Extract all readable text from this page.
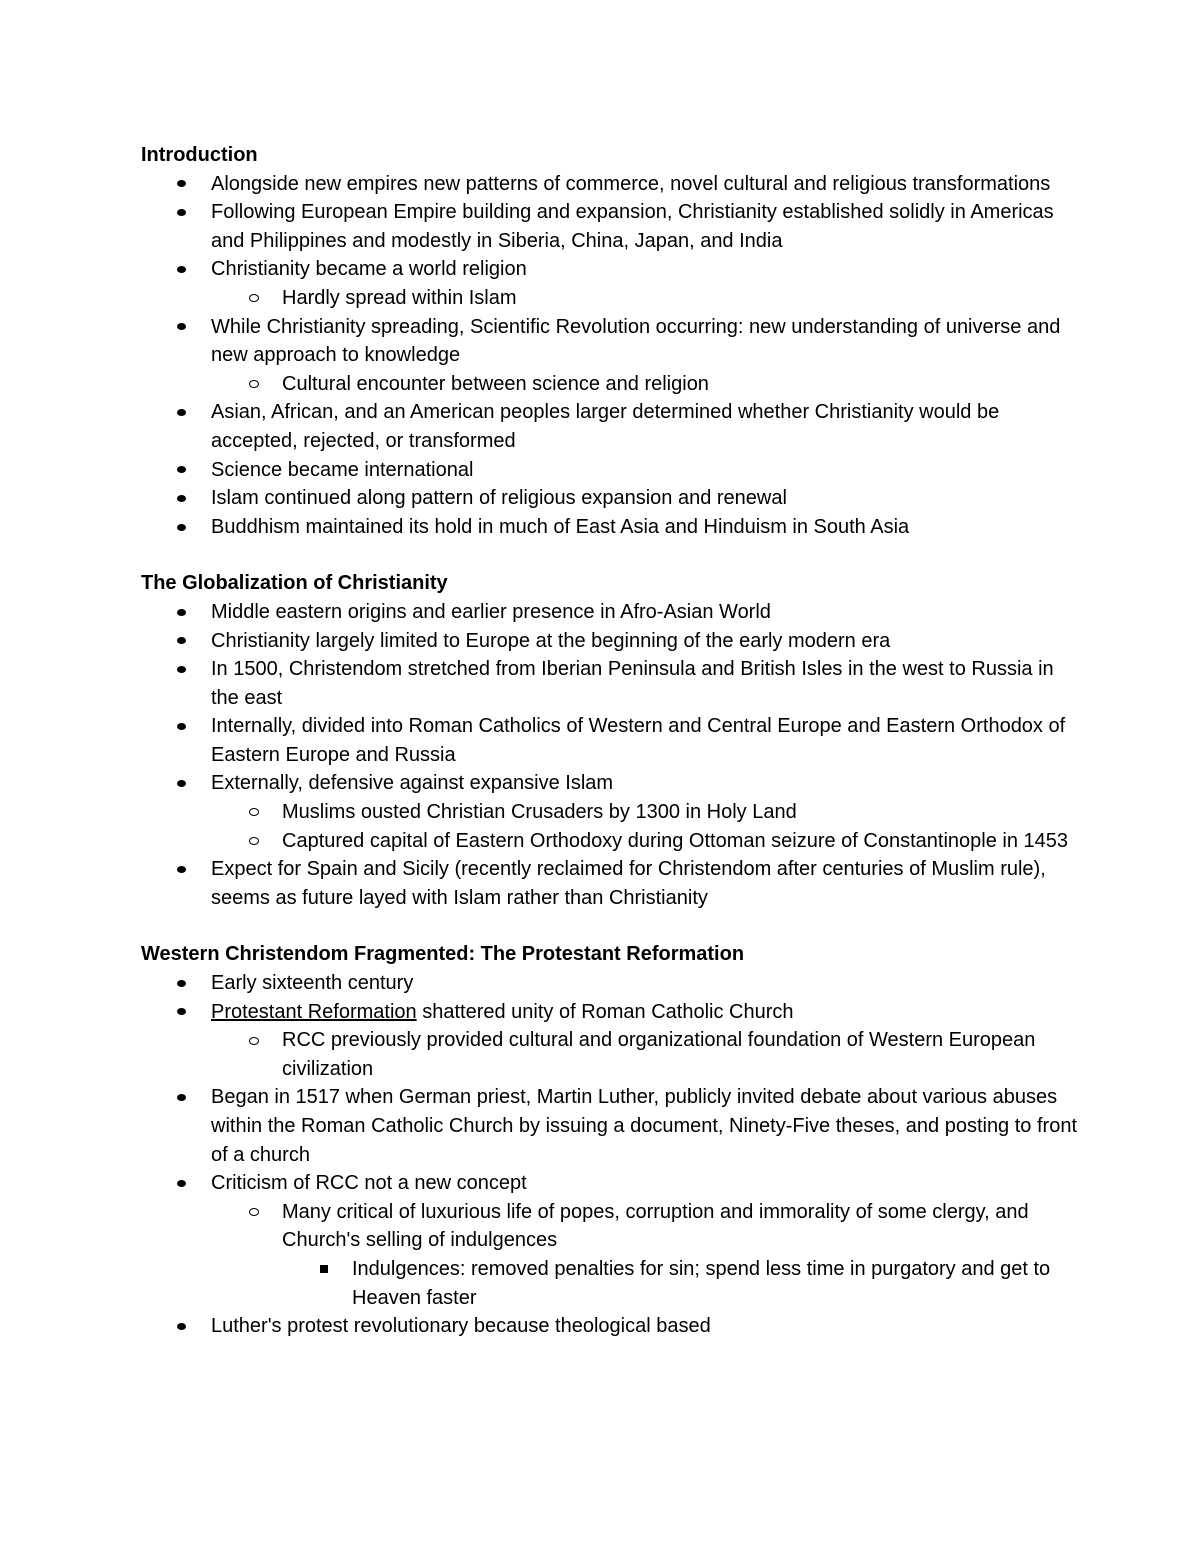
Introduction

Alongside new empires new patterns of commerce, novel cultural and religious transformations
Following European Empire building and expansion, Christianity established solidly in Americas and Philippines and modestly in Siberia, China, Japan, and India
Christianity became a world religion
Hardly spread within Islam
While Christianity spreading, Scientific Revolution occurring: new understanding of universe and new approach to knowledge
Cultural encounter between science and religion
Asian, African, and an American peoples larger determined whether Christianity would be accepted, rejected, or transformed
Science became international
Islam continued along pattern of religious expansion and renewal
Buddhism maintained its hold in much of East Asia and Hinduism in South Asia

The Globalization of Christianity

Middle eastern origins and earlier presence in Afro-Asian World
Christianity largely limited to Europe at the beginning of the early modern era
In 1500, Christendom stretched from Iberian Peninsula and British Isles in the west to Russia in the east
Internally, divided into Roman Catholics of Western and Central Europe and Eastern Orthodox of Eastern Europe and Russia
Externally, defensive against expansive Islam
Muslims ousted Christian Crusaders by 1300 in Holy Land
Captured capital of Eastern Orthodoxy during Ottoman seizure of Constantinople in 1453
Expect for Spain and Sicily (recently reclaimed for Christendom after centuries of Muslim rule), seems as future layed with Islam rather than Christianity

Western Christendom Fragmented: The Protestant Reformation

Early sixteenth century
Protestant Reformation shattered unity of Roman Catholic Church
RCC previously provided cultural and organizational foundation of Western European civilization
Began in 1517 when German priest, Martin Luther, publicly invited debate about various abuses within the Roman Catholic Church by issuing a document, Ninety-Five theses, and posting to front of a church
Criticism of RCC not a new concept
Many critical of luxurious life of popes, corruption and immorality of some clergy, and Church's selling of indulgences
Indulgences: removed penalties for sin; spend less time in purgatory and get to Heaven faster
Luther's protest revolutionary because theological based
